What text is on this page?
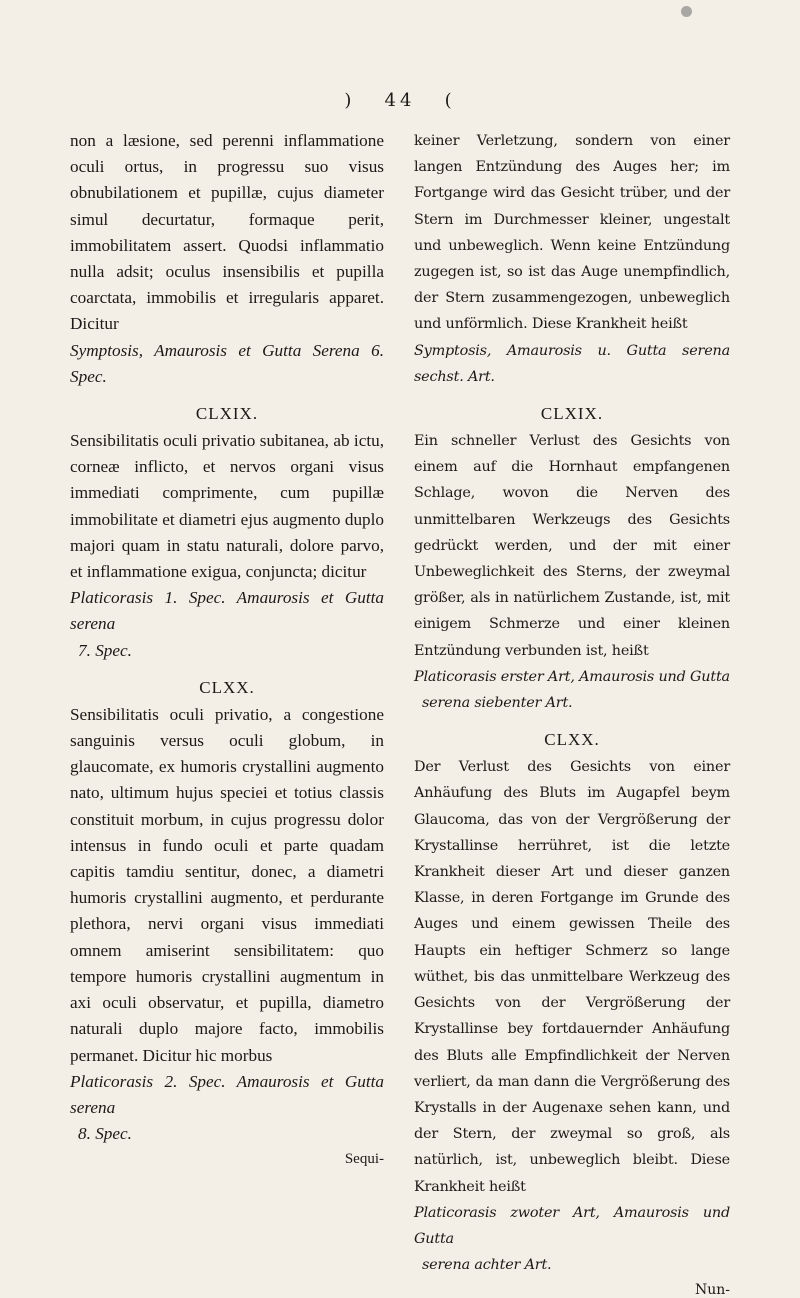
) 44 (

non a læsione, sed perenni inflammatione oculi ortus, in progressu suo visus obnubilationem et pupillæ, cujus diameter simul decurtatur, formaque perit, immobilitatem assert. Quodsi inflammatio nulla adsit; oculus insensibilis et pupilla coarctata, immobilis et irregularis apparet. Dicitur

Symptosis, Amaurosis et Gutta Serena 6. Spec.

CLXIX.

Sensibilitatis oculi privatio subitanea, ab ictu, corneæ inflicto, et nervos organi visus immediati comprimente, cum pupillæ immobilitate et diametri ejus augmento duplo majori quam in statu naturali, dolore parvo, et inflammatione exigua, conjuncta; dicitur

Platicorasis 1. Spec. Amaurosis et Gutta serena

7. Spec.

CLXX.

Sensibilitatis oculi privatio, a congestione sanguinis versus oculi globum, in glaucomate, ex humoris crystallini augmento nato, ultimum hujus speciei et totius classis constituit morbum, in cujus progressu dolor intensus in fundo oculi et parte quadam capitis tamdiu sentitur, donec, a diametri humoris crystallini augmento, et perdurante plethora, nervi organi visus immediati omnem amiserint sensibilitatem: quo tempore humoris crystallini augmentum in axi oculi observatur, et pupilla, diametro naturali duplo majore facto, immobilis permanet. Dicitur hic morbus

Platicorasis 2. Spec. Amaurosis et Gutta serena

8. Spec.

Sequi-

keiner Verletzung, sondern von einer langen Entzündung des Auges her; im Fortgange wird das Gesicht trüber, und der Stern im Durchmesser kleiner, ungestalt und unbeweglich. Wenn keine Entzündung zugegen ist, so ist das Auge unempfindlich, der Stern zusammengezogen, unbeweglich und unförmlich. Diese Krankheit heißt

Symptosis, Amaurosis u. Gutta serena sechst. Art.

CLXIX.

Ein schneller Verlust des Gesichts von einem auf die Hornhaut empfangenen Schlage, wovon die Nerven des unmittelbaren Werkzeugs des Gesichts gedrückt werden, und der mit einer Unbeweglichkeit des Sterns, der zweymal größer, als in natürlichem Zustande, ist, mit einigem Schmerze und einer kleinen Entzündung verbunden ist, heißt

Platicorasis erster Art, Amaurosis und Gutta

serena siebenter Art.

CLXX.

Der Verlust des Gesichts von einer Anhäufung des Bluts im Augapfel beym Glaucoma, das von der Vergrößerung der Krystallinse herrühret, ist die letzte Krankheit dieser Art und dieser ganzen Klasse, in deren Fortgange im Grunde des Auges und einem gewissen Theile des Haupts ein heftiger Schmerz so lange wüthet, bis das unmittelbare Werkzeug des Gesichts von der Vergrößerung der Krystallinse bey fortdauernder Anhäufung des Bluts alle Empfindlichkeit der Nerven verliert, da man dann die Vergrößerung des Krystalls in der Augenaxe sehen kann, und der Stern, der zweymal so groß, als natürlich, ist, unbeweglich bleibt. Diese Krankheit heißt

Platicorasis zwoter Art, Amaurosis und Gutta

serena achter Art.

Nun-
